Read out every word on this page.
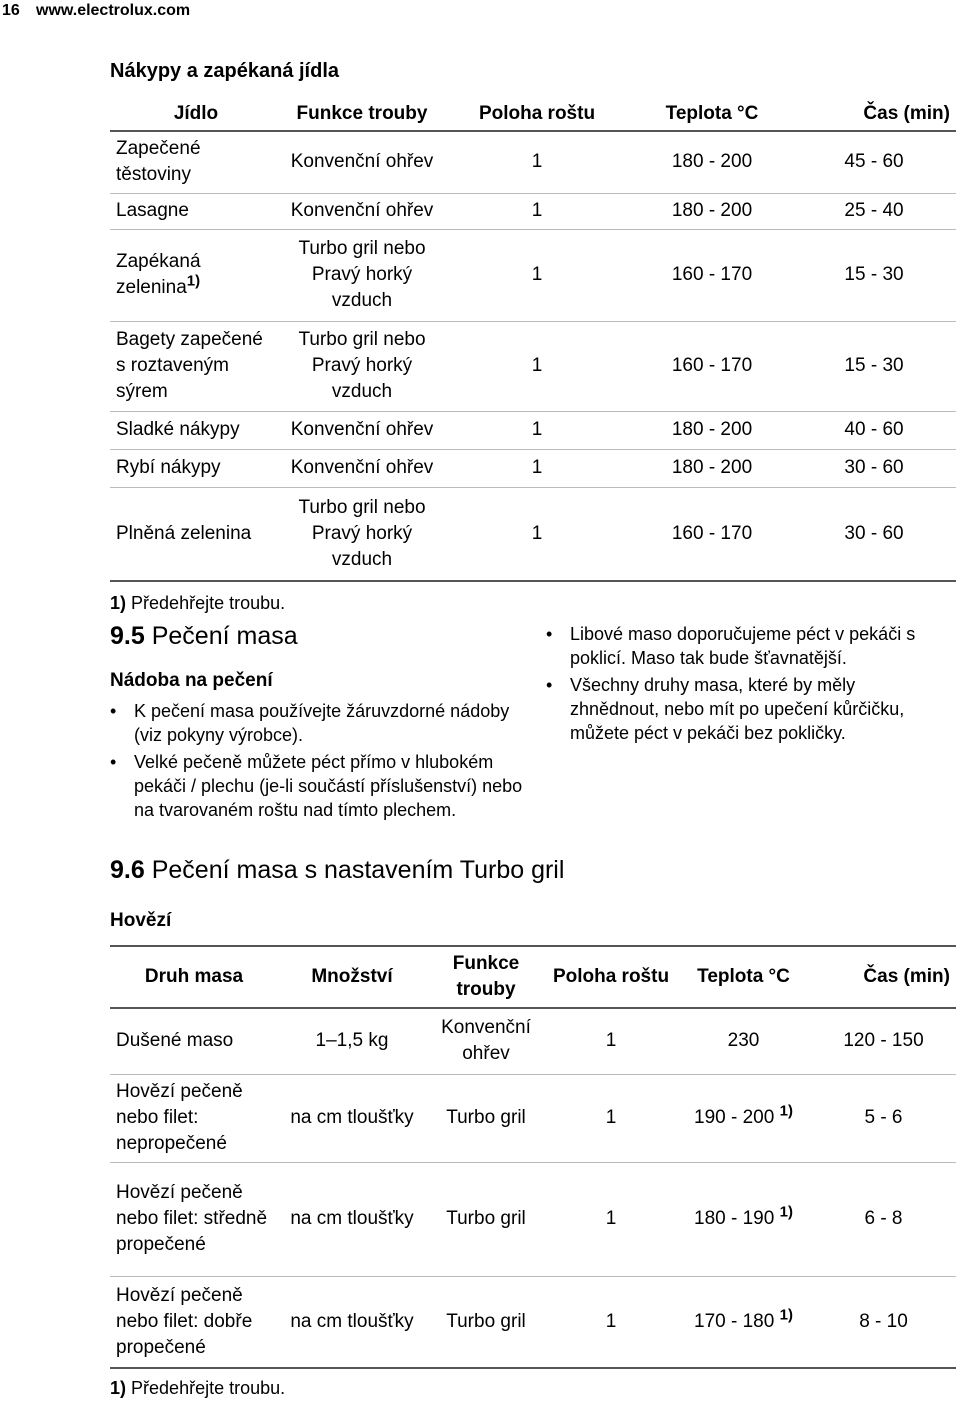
16 www.electrolux.com
Nákypy a zapékaná jídla
Jídlo	Funkce trouby	Poloha roštu	Teplota °C	Čas (min)
Zapečené těstoviny	Konvenční ohřev	1	180 - 200	45 - 60
Lasagne	Konvenční ohřev	1	180 - 200	25 - 40
Zapékaná zelenina$^{1)}$	Turbo gril nebo Pravý horký vzduch	1	160 - 170	15 - 30
Bagety zapečené s roztaveným sýrem	Turbo gril nebo Pravý horký vzduch	1	160 - 170	15 - 30
Sladké nákypy	Konvenční ohřev	1	180 - 200	40 - 60
Rybí nákypy	Konvenční ohřev	1	180 - 200	30 - 60
Plněná zelenina	Turbo gril nebo Pravý horký vzduch	1	160 - 170	30 - 60
1) Předehřejte troubu.
9.5 Pečení masa
Nádoba na pečení
• K pečení masa používejte žáruvzdorné nádoby (viz pokyny výrobce).
• Velké pečeně můžete péct přímo v hlubokém pekáči / plechu (je-li součástí příslušenství) nebo na tvarovaném roštu nad tímto plechem.
• Libové maso doporučujeme péct v pekáči s poklicí. Maso tak bude šťavnatější.
• Všechny druhy masa, které by měly zhnědnout, nebo mít po upečení kůrčičku, můžete péct v pekáči bez pokličky.
9.6 Pečení masa s nastavením Turbo gril
Hovězí
Druh masa	Množství	Funkce trouby	Poloha roštu	Teplota °C	Čas (min)
Dušené maso	1–1,5 kg	Konvenční ohřev	1	230	120 - 150
Hovězí pečeně nebo filet: nepropečené	na cm tloušťky	Turbo gril	1	190 - 200 $^{1)}$	5 - 6
Hovězí pečeně nebo filet: středně propečené	na cm tloušťky	Turbo gril	1	180 - 190 $^{1)}$	6 - 8
Hovězí pečeně nebo filet: dobře propečené	na cm tloušťky	Turbo gril	1	170 - 180 $^{1)}$	8 - 10
1) Předehřejte troubu.
